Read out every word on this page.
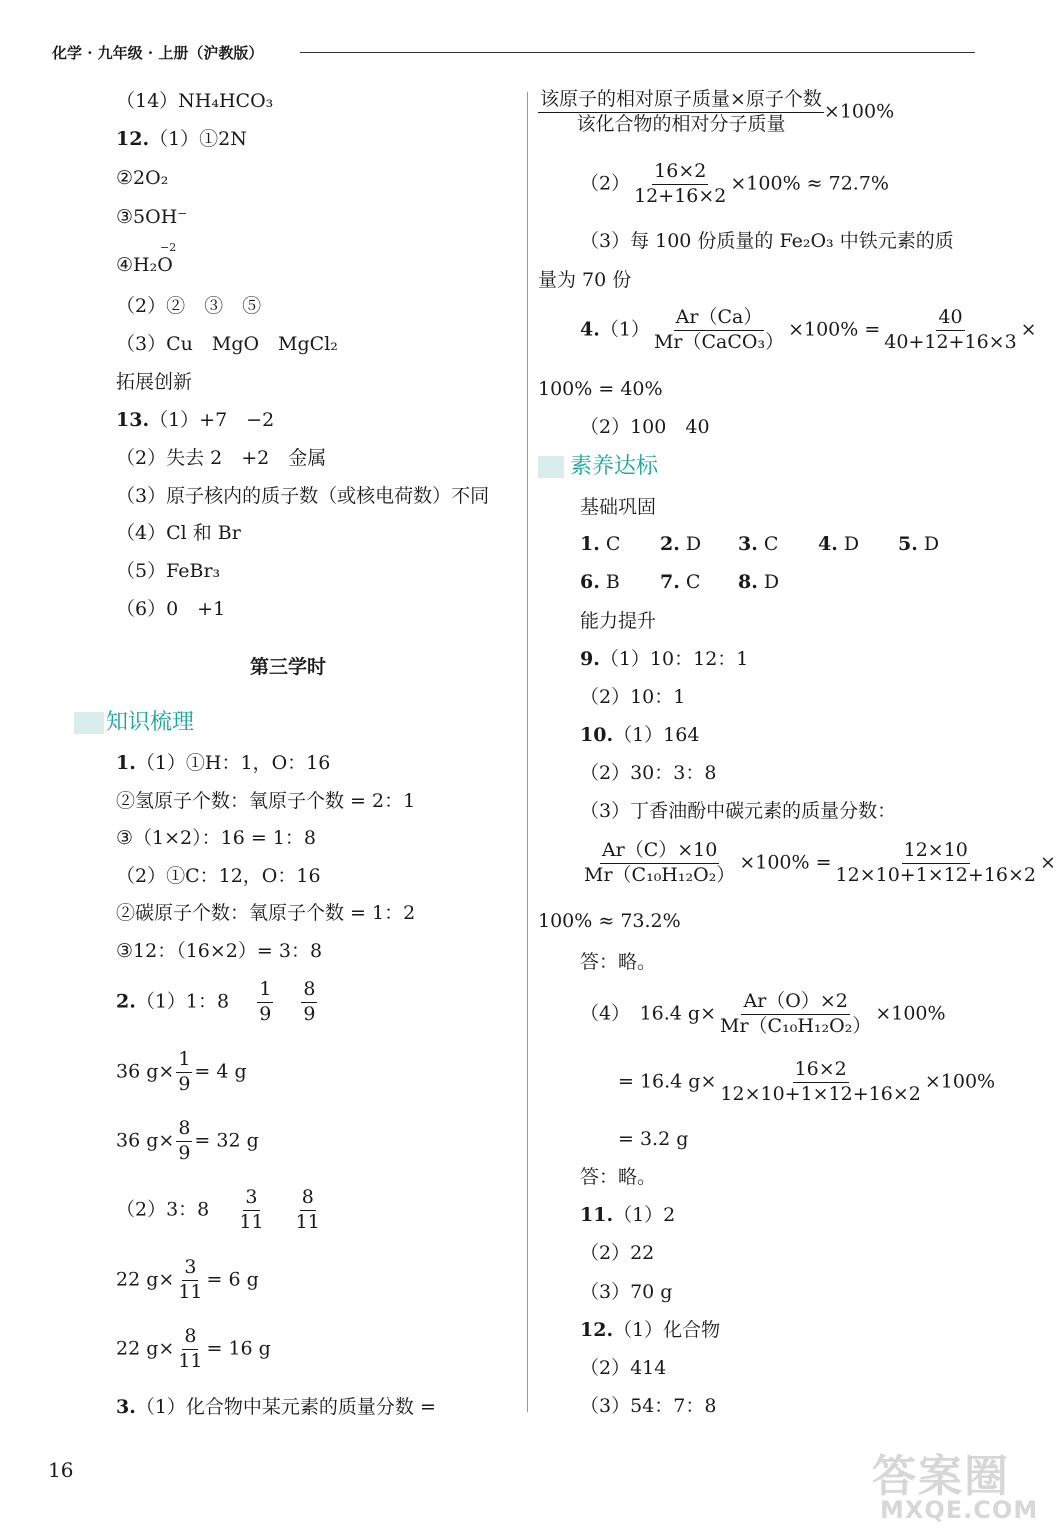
化学 · 九年级 · 上册（沪教版）
（14）NH₄HCO₃
12.（1）①2N
②2O₂
③5OH⁻
④H₂O
−2
（2）②　③　⑤
（3）Cu　MgO　MgCl₂
拓展创新
13.（1）+7　−2
（2）失去 2　+2　金属
（3）原子核内的质子数（或核电荷数）不同
（4）Cl 和 Br
（5）FeBr₃
（6）0　+1
第三学时
知识梳理
1.（1）①H：1，O：16
②氢原子个数：氧原子个数 = 2：1
③（1×2）：16 = 1：8
（2）①C：12，O：16
②碳原子个数：氧原子个数 = 1：2
③12：（16×2）= 3：8
2.（1）1：$8 \frac{1}{9}$
$\frac{8}{9}$
36 $g\times \frac{1}{9} = 4$ g
36 $g\times \frac{8}{9} = 32$ g
（2）3：$8 \frac{3}{11}$
$\frac{8}{11}$
22 $g\times \frac{3}{11} = 6$ g
22 $g\times \frac{8}{11} = 16$ g
3.（1）化合物中某元素的质量分数 =
$\frac{\text{该原子的相对原子质量×原子个数}}{\text{该化合物的相对分子质量}} \times 100\%$
$(2) \frac{16\times 2}{12+16\times 2} \times 100\% \approx 72.7\%$
（3）每 100 份质量的 Fe₂O₃ 中铁元素的质
量为 70 份
$4.(1) \frac{Ar(Ca)}{\text{Mr（CaCO₃）}} \times 100\% = \frac{40}{40+12+16\times 3}$ ×
100% = 40%
（2）100　40
素养达标
基础巩固
1. C 2. D 3. C 4. D 5. D
6. B 7. C 8. D
能力提升
9.（1）10：12：1
（2）10：1
10.（1）164
（2）30：3：8
（3）丁香油酚中碳元素的质量分数：
$\frac{Ar(C)\times 10}{\text{Mr（C₁₀H₁₂O₂）}} \times 100\% = \frac{12\times 10}{12\times 10+1\times 12+16\times 2}$ ×
100% ≈ 73.2%
答：略。
（4）　16.4 $g\times \frac{Ar(O)\times 2}{\text{Mr（C₁₀H₁₂O₂）}} \times 100\%$
= 16.4 $g\times \frac{16\times 2}{12\times 10+1\times 12+16\times 2} \times 100\%$
= 3.2 g
答：略。
11.（1）2
（2）22
（3）70 g
12.（1）化合物
（2）414
（3）54：7：8
16	答案圈
MXQE.COM
